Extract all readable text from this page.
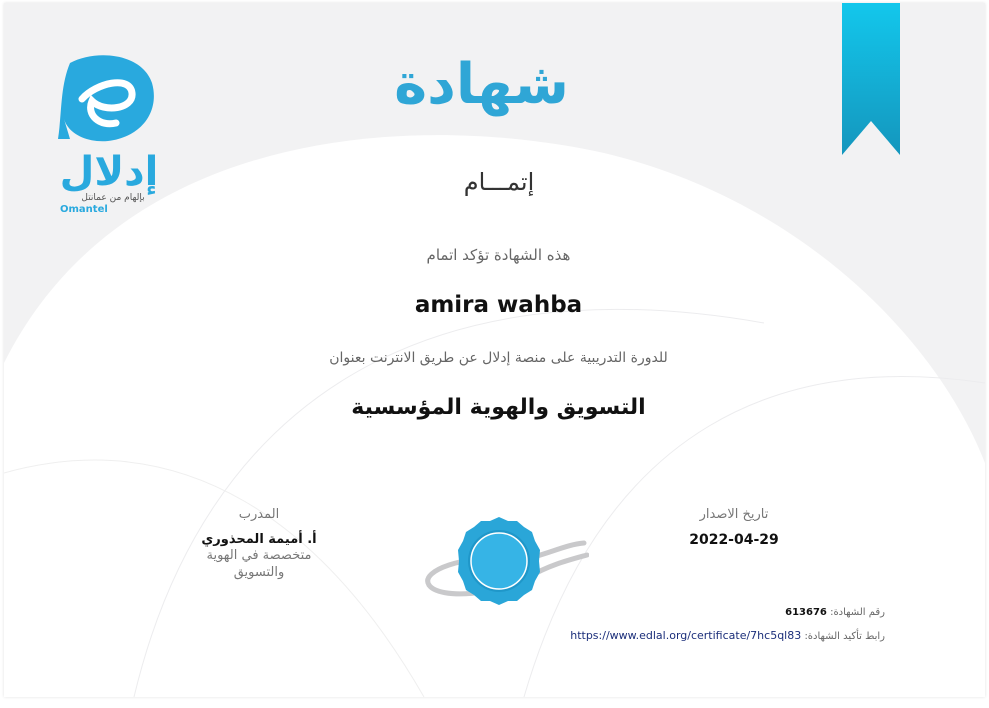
إدلال
بإلهام من عمانتل
Omantel
شهادة
إتمـــام
هذه الشهادة تؤكد اتمام
amira wahba
للدورة التدريبية على منصة إدلال عن طريق الانترنت بعنوان
التسويق والهوية المؤسسية
المدرب
أ. أميمة المحذوري
متخصصة في الهوية والتسويق
تاريخ الاصدار
2022-04-29
رقم الشهادة: 613676
رابط تأكيد الشهادة: https://www.edlal.org/certificate/7hc5ql83
